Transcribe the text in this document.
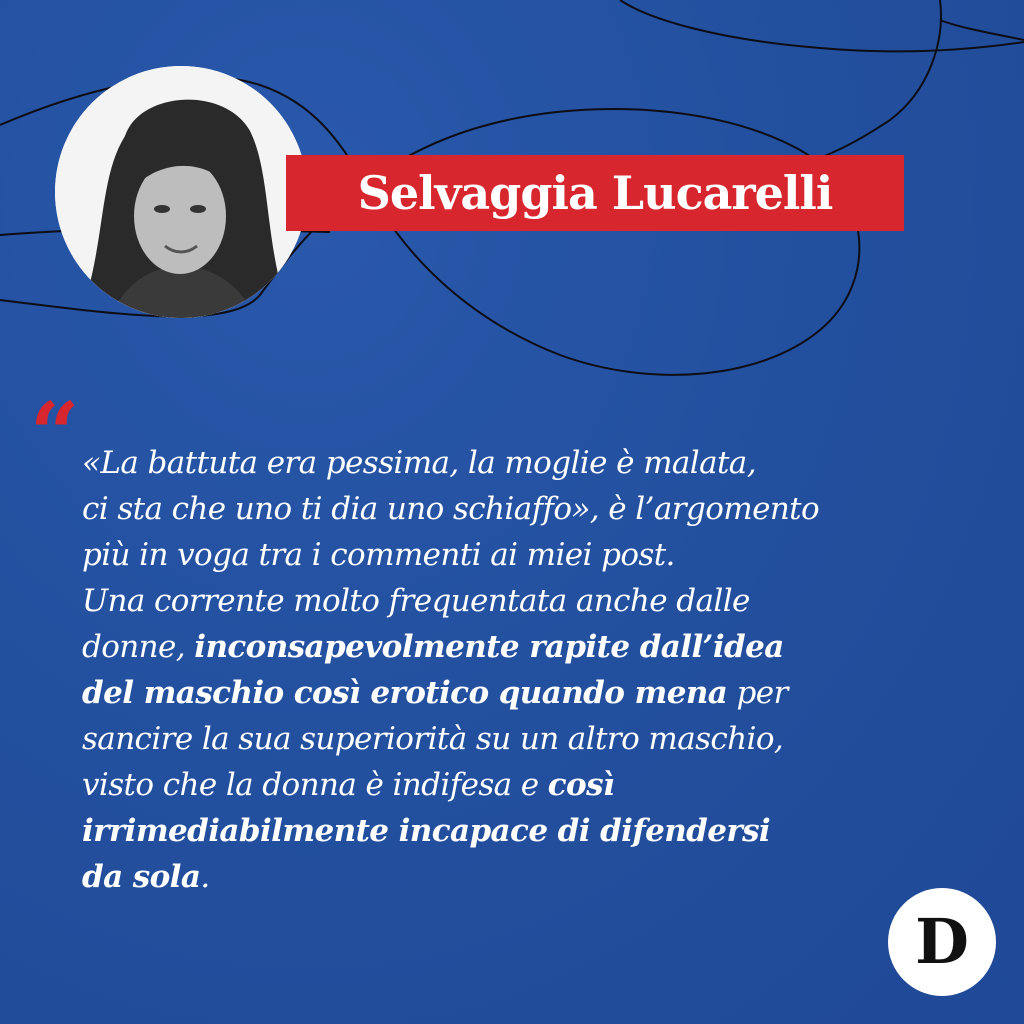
Selvaggia Lucarelli
“ «La battuta era pessima, la moglie è malata,
ci sta che uno ti dia uno schiaffo», è l’argomento
più in voga tra i commenti ai miei post.
Una corrente molto frequentata anche dalle
donne, inconsapevolmente rapite dall’idea
del maschio così erotico quando mena per
sancire la sua superiorità su un altro maschio,
visto che la donna è indifesa e così
irrimediabilmente incapace di difendersi
da sola.
D
